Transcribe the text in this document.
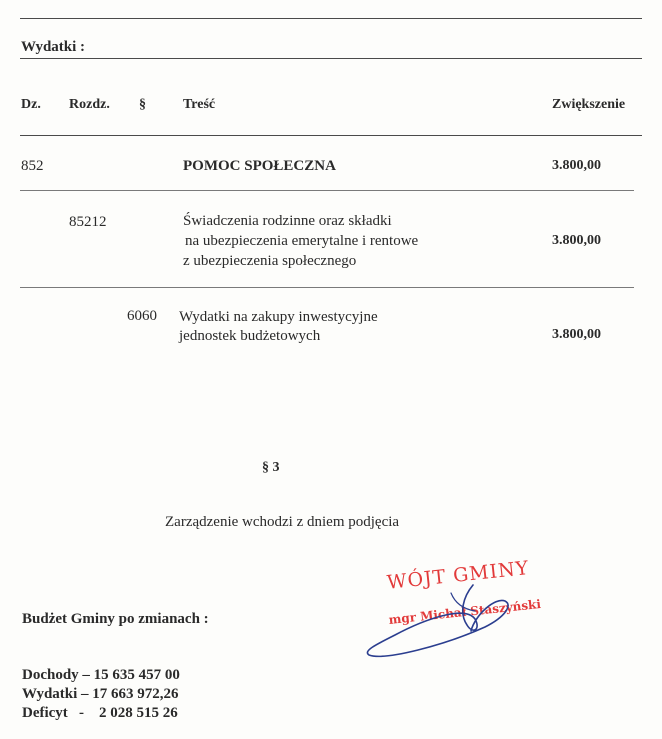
Wydatki :
Dz. Rozdz. §	Treść	Zwiększenie
852	POMOC SPOŁECZNA	3.800,00
85212	Świadczenia rodzinne oraz składki
na ubezpieczenia emerytalne i rentowe
z ubezpieczenia społecznego
3.800,00
6060 Wydatki na zakupy inwestycyjne
jednostek budżetowych	3.800,00
§ 3
Zarządzenie wchodzi z dniem podjęcia
WÓJT GMINY
mgr Michał Staszyński
Budżet Gminy po zmianach :
Dochody – 15 635 457 00
Wydatki – 17 663 972,26
Deficyt   -    2 028 515 26
